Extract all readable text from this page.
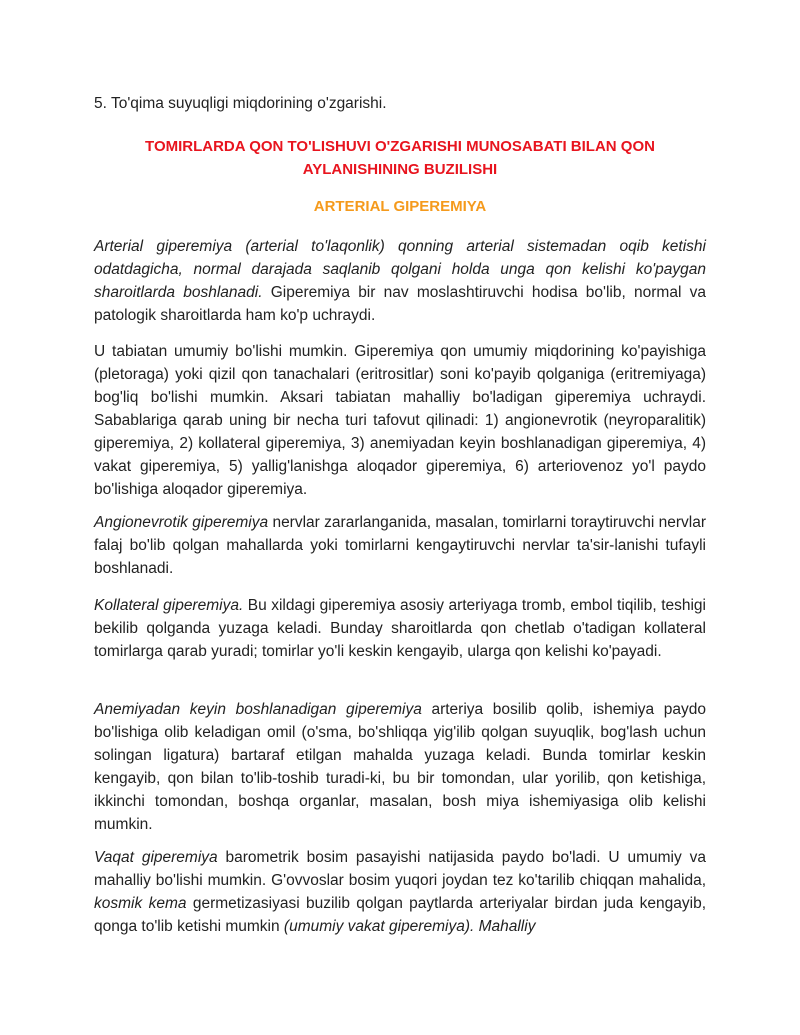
5. To'qima suyuqligi miqdorining o'zgarishi.
TOMIRLARDA QON TO'LISHUVI O'ZGARISHI MUNOSABATI BILAN QON AYLANISHINING BUZILISHI
ARTERIAL GIPEREMIYA

Arterial giperemiya (arterial to'laqonlik) qonning arterial sistemadan oqib ketishi odatdagicha, normal darajada saqlanib qolgani holda unga qon kelishi ko'paygan sharoitlarda boshlanadi. Giperemiya bir nav moslashtiruvchi hodisa bo'lib, normal va patologik sharoitlarda ham ko'p uchraydi.

U tabiatan umumiy bo'lishi mumkin. Giperemiya qon umumiy miqdorining ko'payishiga (pletoraga) yoki qizil qon tanachalari (eritrositlar) soni ko'payib qolganiga (eritremiyaga) bog'liq bo'lishi mumkin. Aksari tabiatan mahalliy bo'ladigan giperemiya uchraydi. Sabablariga qarab uning bir necha turi tafovut qilinadi: 1) angionevrotik (neyroparalitik) giperemiya, 2) kollateral giperemiya, 3) anemiyadan keyin boshlanadigan giperemiya, 4) vakat giperemiya, 5) yallig'lanishga aloqador giperemiya, 6) arteriovenoz yo'l paydo bo'lishiga aloqador giperemiya.

Angionevrotik giperemiya nervlar zararlanganida, masalan, tomirlarni toraytiruvchi nervlar falaj bo'lib qolgan mahallarda yoki tomirlarni kengaytiruvchi nervlar ta'sir-lanishi tufayli boshlanadi.

Kollateral giperemiya. Bu xildagi giperemiya asosiy arteriyaga tromb, embol tiqilib, teshigi bekilib qolganda yuzaga keladi. Bunday sharoitlarda qon chetlab o'tadigan kollateral tomirlarga qarab yuradi; tomirlar yo'li keskin kengayib, ularga qon kelishi ko'payadi.

Anemiyadan keyin boshlanadigan giperemiya arteriya bosilib qolib, ishemiya paydo bo'lishiga olib keladigan omil (o'sma, bo'shliqqa yig'ilib qolgan suyuqlik, bog'lash uchun solingan ligatura) bartaraf etilgan mahalda yuzaga keladi. Bunda tomirlar keskin kengayib, qon bilan to'lib-toshib turadi-ki, bu bir tomondan, ular yorilib, qon ketishiga, ikkinchi tomondan, boshqa organlar, masalan, bosh miya ishemiyasiga olib kelishi mumkin.

Vaqat giperemiya barometrik bosim pasayishi natijasida paydo bo'ladi. U umumiy va mahalliy bo'lishi mumkin. G'ovvoslar bosim yuqori joydan tez ko'tarilib chiqqan mahalida, kosmik kema germetizasiyasi buzilib qolgan paytlarda arteriyalar birdan juda kengayib, qonga to'lib ketishi mumkin (umumiy vakat giperemiya). Mahalliy
